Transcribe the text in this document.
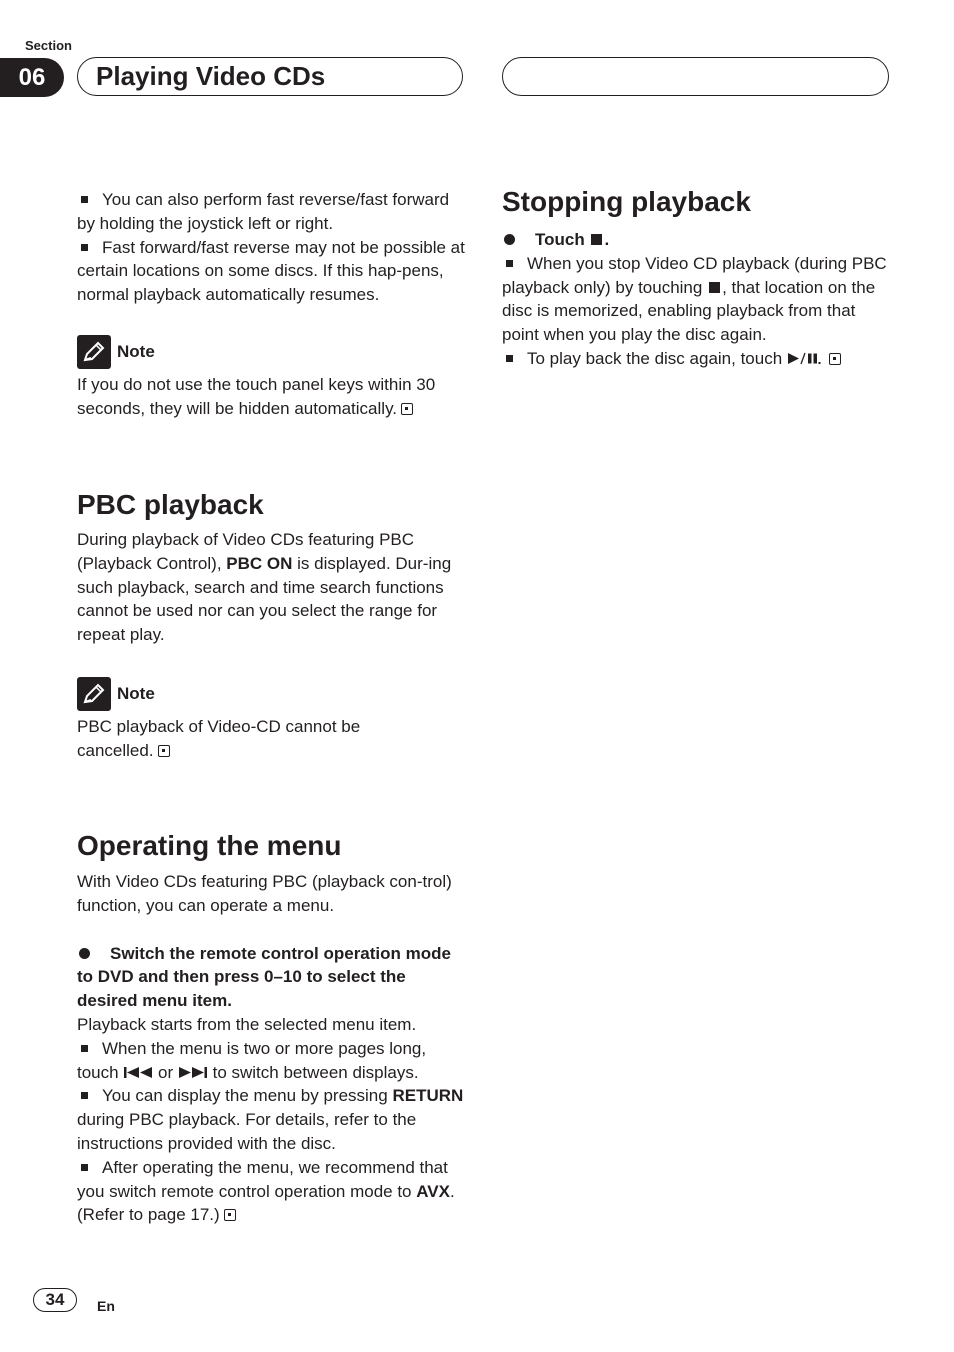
Section
06	Playing Video CDs

You can also perform fast reverse/fast forward by holding the joystick left or right.

Fast forward/fast reverse may not be possible at certain locations on some discs. If this hap-pens, normal playback automatically resumes.

Note

If you do not use the touch panel keys within 30 seconds, they will be hidden automatically.

PBC playback

During playback of Video CDs featuring PBC (Playback Control), PBC ON is displayed. Dur-ing such playback, search and time search functions cannot be used nor can you select the range for repeat play.

Note

PBC playback of Video-CD cannot be cancelled.

Operating the menu

With Video CDs featuring PBC (playback con-trol) function, you can operate a menu.

Switch the remote control operation mode to DVD and then press 0–10 to select the desired menu item.

Playback starts from the selected menu item.

When the menu is two or more pages long, touch  or  to switch between displays.

You can display the menu by pressing RETURN during PBC playback. For details, refer to the instructions provided with the disc.

After operating the menu, we recommend that you switch remote control operation mode to AVX. (Refer to page 17.)

Stopping playback

Touch .

When you stop Video CD playback (during PBC playback only) by touching , that location on the disc is memorized, enabling playback from that point when you play the disc again.

To play back the disc again, touch

34	En
